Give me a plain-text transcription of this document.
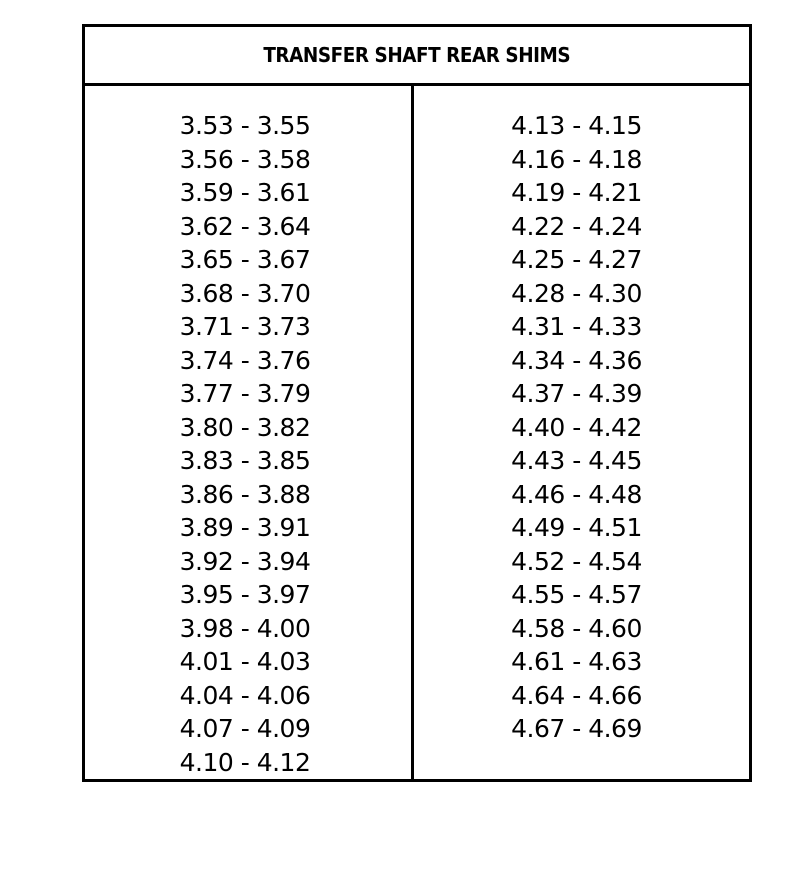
TRANSFER SHAFT REAR SHIMS
3.53 - 3.55
3.56 - 3.58
3.59 - 3.61
3.62 - 3.64
3.65 - 3.67
3.68 - 3.70
3.71 - 3.73
3.74 - 3.76
3.77 - 3.79
3.80 - 3.82
3.83 - 3.85
3.86 - 3.88
3.89 - 3.91
3.92 - 3.94
3.95 - 3.97
3.98 - 4.00
4.01 - 4.03
4.04 - 4.06
4.07 - 4.09
4.10 - 4.12
4.13 - 4.15
4.16 - 4.18
4.19 - 4.21
4.22 - 4.24
4.25 - 4.27
4.28 - 4.30
4.31 - 4.33
4.34 - 4.36
4.37 - 4.39
4.40 - 4.42
4.43 - 4.45
4.46 - 4.48
4.49 - 4.51
4.52 - 4.54
4.55 - 4.57
4.58 - 4.60
4.61 - 4.63
4.64 - 4.66
4.67 - 4.69
